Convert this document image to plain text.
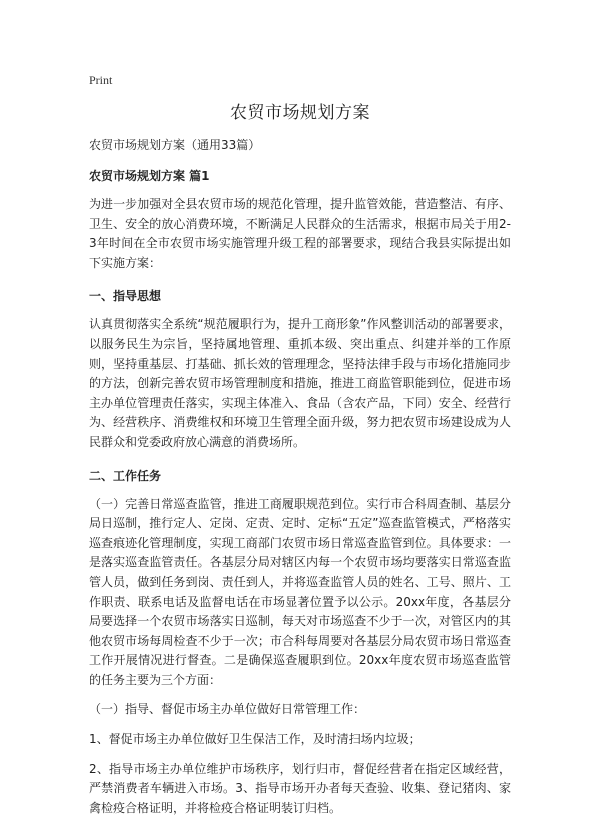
Print
农贸市场规划方案
农贸市场规划方案（通用33篇）
农贸市场规划方案 篇1

为进一步加强对全县农贸市场的规范化管理，提升监管效能，营造整洁、有序、卫生、安全的放心消费环境，不断满足人民群众的生活需求，根据市局关于用2-3年时间在全市农贸市场实施管理升级工程的部署要求，现结合我县实际提出如下实施方案：

一、指导思想

认真贯彻落实全系统“规范履职行为，提升工商形象”作风整训活动的部署要求，以服务民生为宗旨，坚持属地管理、重抓本级、突出重点、纠建并举的工作原则，坚持重基层、打基础、抓长效的管理理念，坚持法律手段与市场化措施同步的方法，创新完善农贸市场管理制度和措施，推进工商监管职能到位，促进市场主办单位管理责任落实，实现主体准入、食品（含农产品，下同）安全、经营行为、经营秩序、消费维权和环境卫生管理全面升级，努力把农贸市场建设成为人民群众和党委政府放心满意的消费场所。

二、工作任务

（一）完善日常巡查监管，推进工商履职规范到位。实行市合科周查制、基层分局日巡制，推行定人、定岗、定责、定时、定标“五定”巡查监管模式，严格落实巡查痕迹化管理制度，实现工商部门农贸市场日常巡查监管到位。具体要求：一是落实巡查监管责任。各基层分局对辖区内每一个农贸市场均要落实日常巡查监管人员，做到任务到岗、责任到人，并将巡查监管人员的姓名、工号、照片、工作职责、联系电话及监督电话在市场显著位置予以公示。20xx年度，各基层分局要选择一个农贸市场落实日巡制，每天对市场巡查不少于一次，对管区内的其他农贸市场每周检查不少于一次；市合科每周要对各基层分局农贸市场日常巡查工作开展情况进行督查。二是确保巡查履职到位。20xx年度农贸市场巡查监管的任务主要为三个方面：

（一）指导、督促市场主办单位做好日常管理工作：

1、督促市场主办单位做好卫生保洁工作，及时清扫场内垃圾；

2、指导市场主办单位维护市场秩序，划行归市，督促经营者在指定区域经营，严禁消费者车辆进入市场。3、指导市场开办者每天查验、收集、登记猪肉、家禽检疫合格证明，并将检疫合格证明装订归档。
